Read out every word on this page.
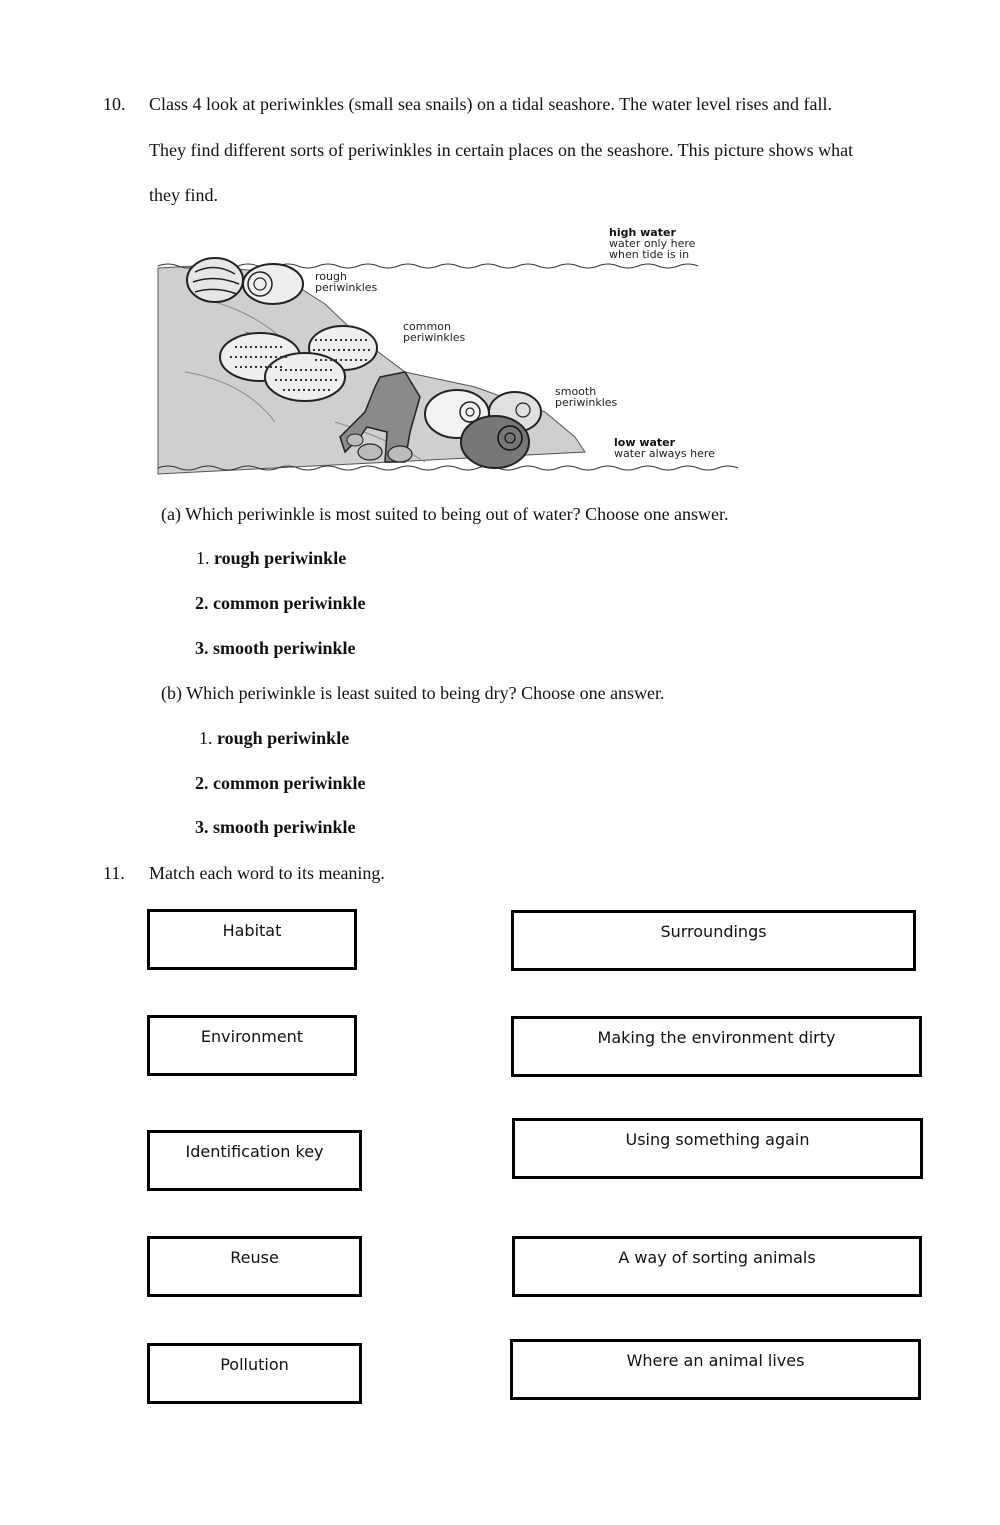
10. Class 4 look at periwinkles (small sea snails) on a tidal seashore. The water level rises and fall.
They find different sorts of periwinkles in certain places on the seashore. This picture shows what
they find.
high water
water only here
when tide is in
rough
periwinkles
common
periwinkles
smooth
periwinkles
low water
water always here
(a) Which periwinkle is most suited to being out of water? Choose one answer.
1. rough periwinkle
2. common periwinkle
3. smooth periwinkle
(b) Which periwinkle is least suited to being dry? Choose one answer.
1. rough periwinkle
2. common periwinkle
3. smooth periwinkle
11. Match each word to its meaning.
Habitat
Environment
Identification key
Reuse
Pollution
Surroundings
Making the environment dirty
Using something again
A way of sorting animals
Where an animal lives
